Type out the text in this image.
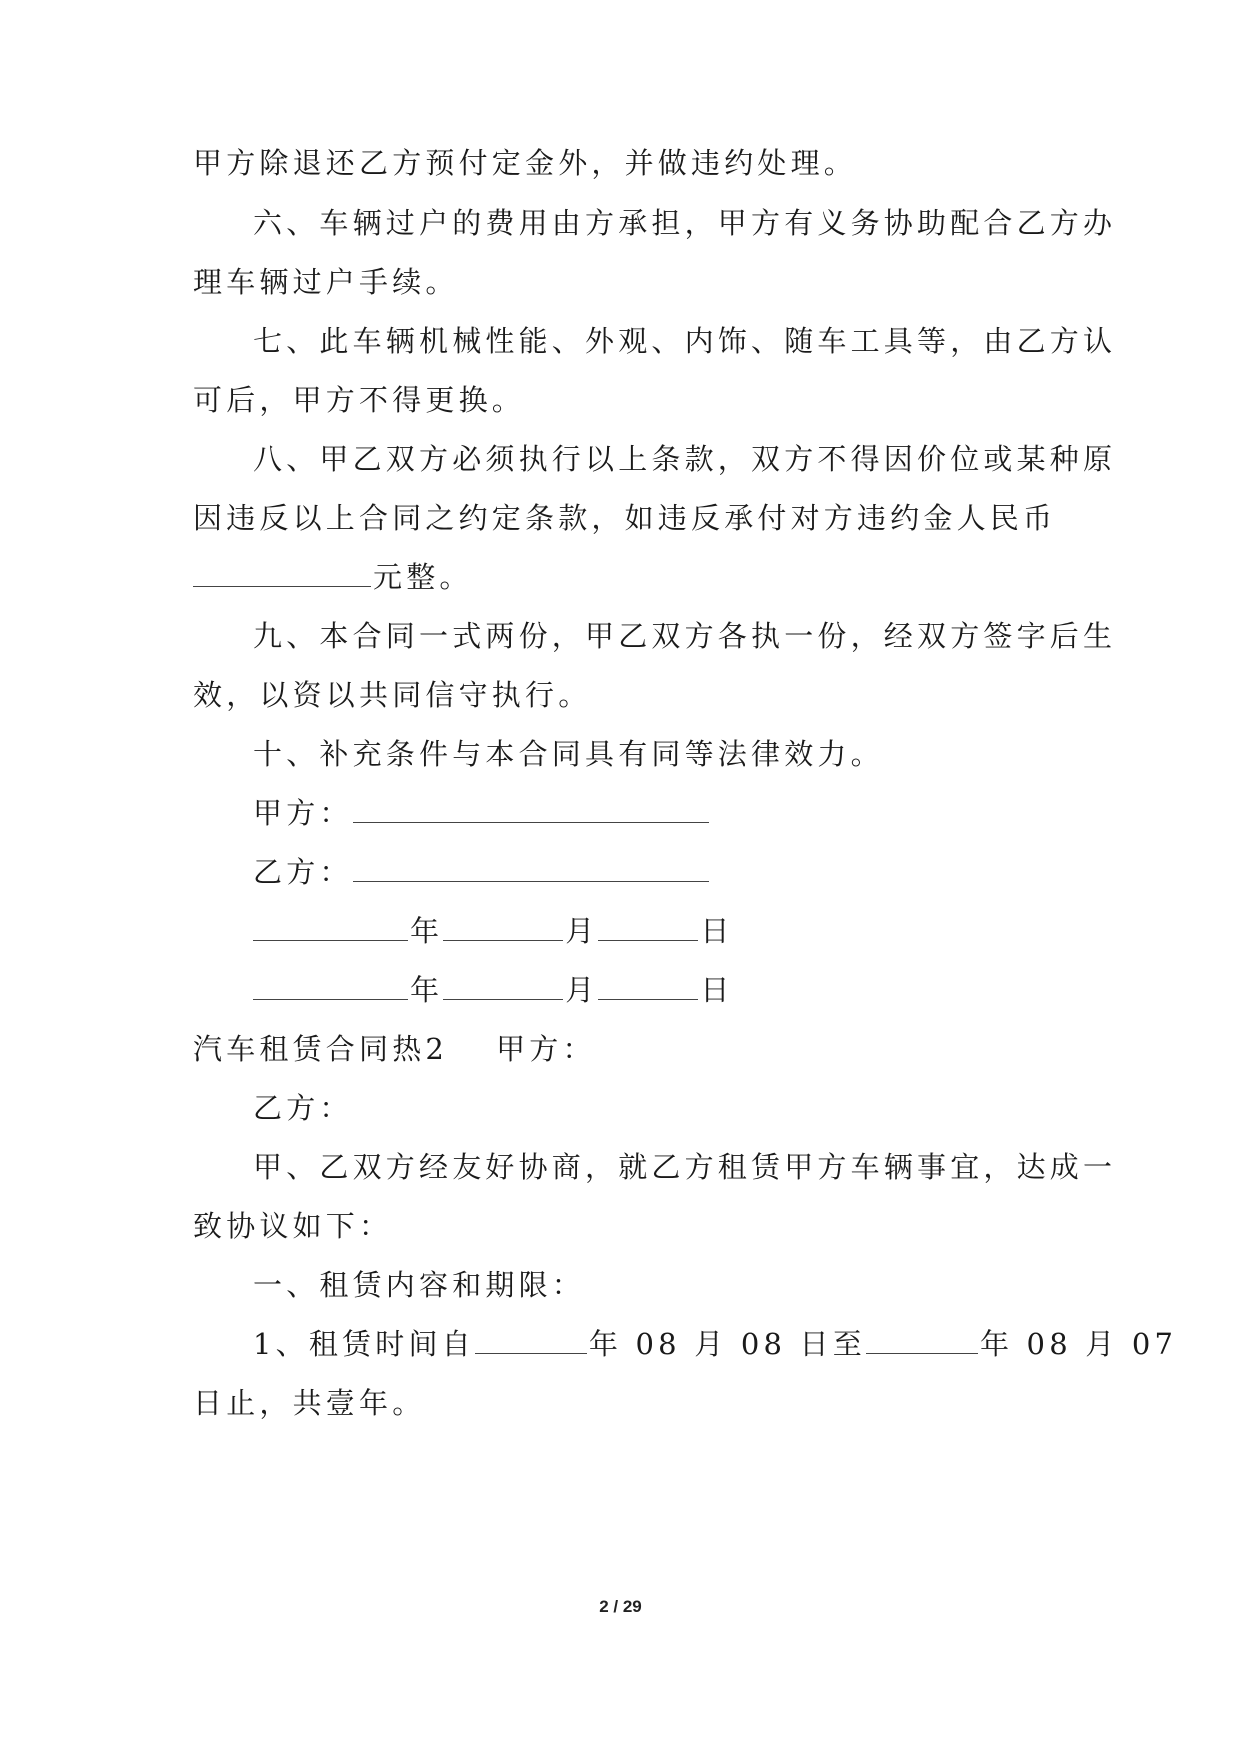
甲方除退还乙方预付定金外，并做违约处理。
六、车辆过户的费用由方承担，甲方有义务协助配合乙方办
理车辆过户手续。
七、此车辆机械性能、外观、内饰、随车工具等，由乙方认
可后，甲方不得更换。
八、甲乙双方必须执行以上条款，双方不得因价位或某种原
因违反以上合同之约定条款，如违反承付对方违约金人民币
元整。
九、本合同一式两份，甲乙双方各执一份，经双方签字后生
效，以资以共同信守执行。
十、补充条件与本合同具有同等法律效力。
甲方：
乙方：
年	月	日
年	月	日
汽车租赁合同热2 甲方：
乙方：
甲、乙双方经友好协商，就乙方租赁甲方车辆事宜，达成一
致协议如下：
一、租赁内容和期限：
1、租赁时间自	年 08 月 08 日至	年 08 月 07
日止，共壹年。
2 / 29
